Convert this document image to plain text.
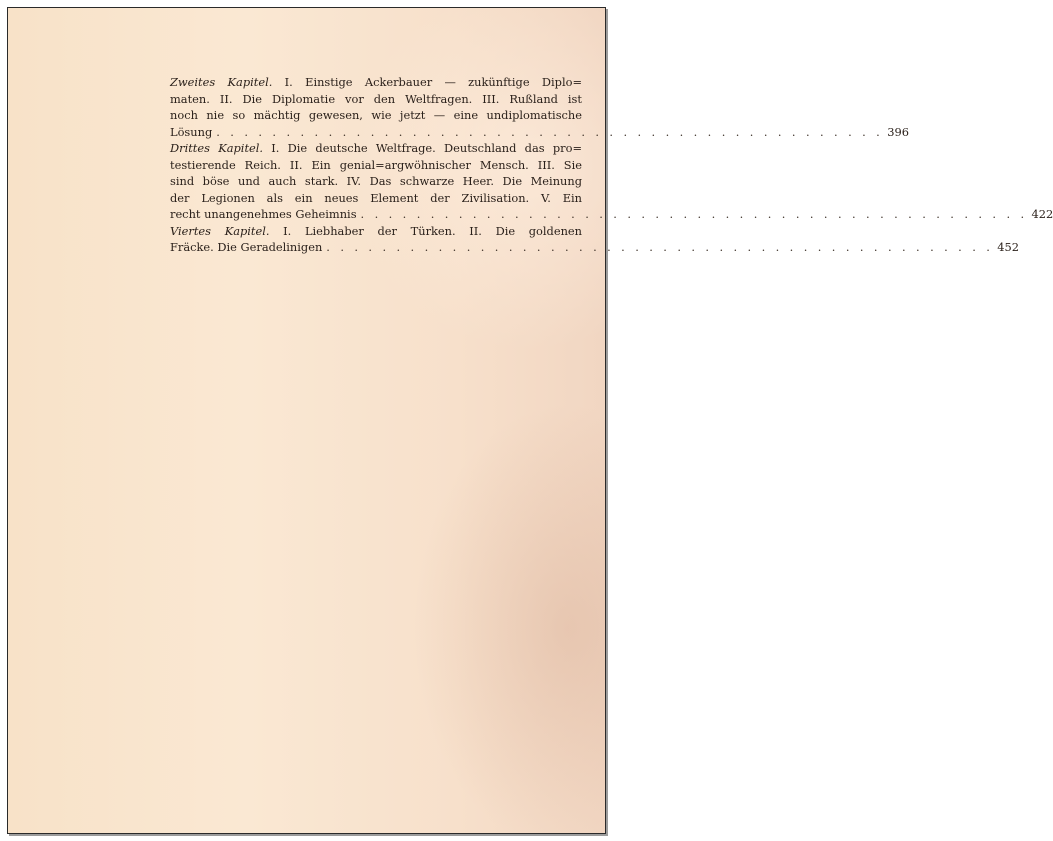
Zweites Kapitel. I. Einstige Ackerbauer — zukünftige Diplo=

maten. II. Die Diplomatie vor den Weltfragen. III. Rußland ist

noch nie so mächtig gewesen, wie jetzt — eine undiplomatische

Lösung . . . . . . . . . . . . . . . . . . . . . . . . . . . . . . . . . . . . . . . . . . . . . . . . 396

Drittes Kapitel. I. Die deutsche Weltfrage. Deutschland das pro=

testierende Reich. II. Ein genial=argwöhnischer Mensch. III. Sie

sind böse und auch stark. IV. Das schwarze Heer. Die Meinung

der Legionen als ein neues Element der Zivilisation. V. Ein

recht unangenehmes Geheimnis . . . . . . . . . . . . . . . . . . . . . . . . . . . . . . . . . . . . . . . . . . . . . . . . 422

Viertes Kapitel. I. Liebhaber der Türken. II. Die goldenen

Fräcke. Die Geradelinigen . . . . . . . . . . . . . . . . . . . . . . . . . . . . . . . . . . . . . . . . . . . . . . . . 452
